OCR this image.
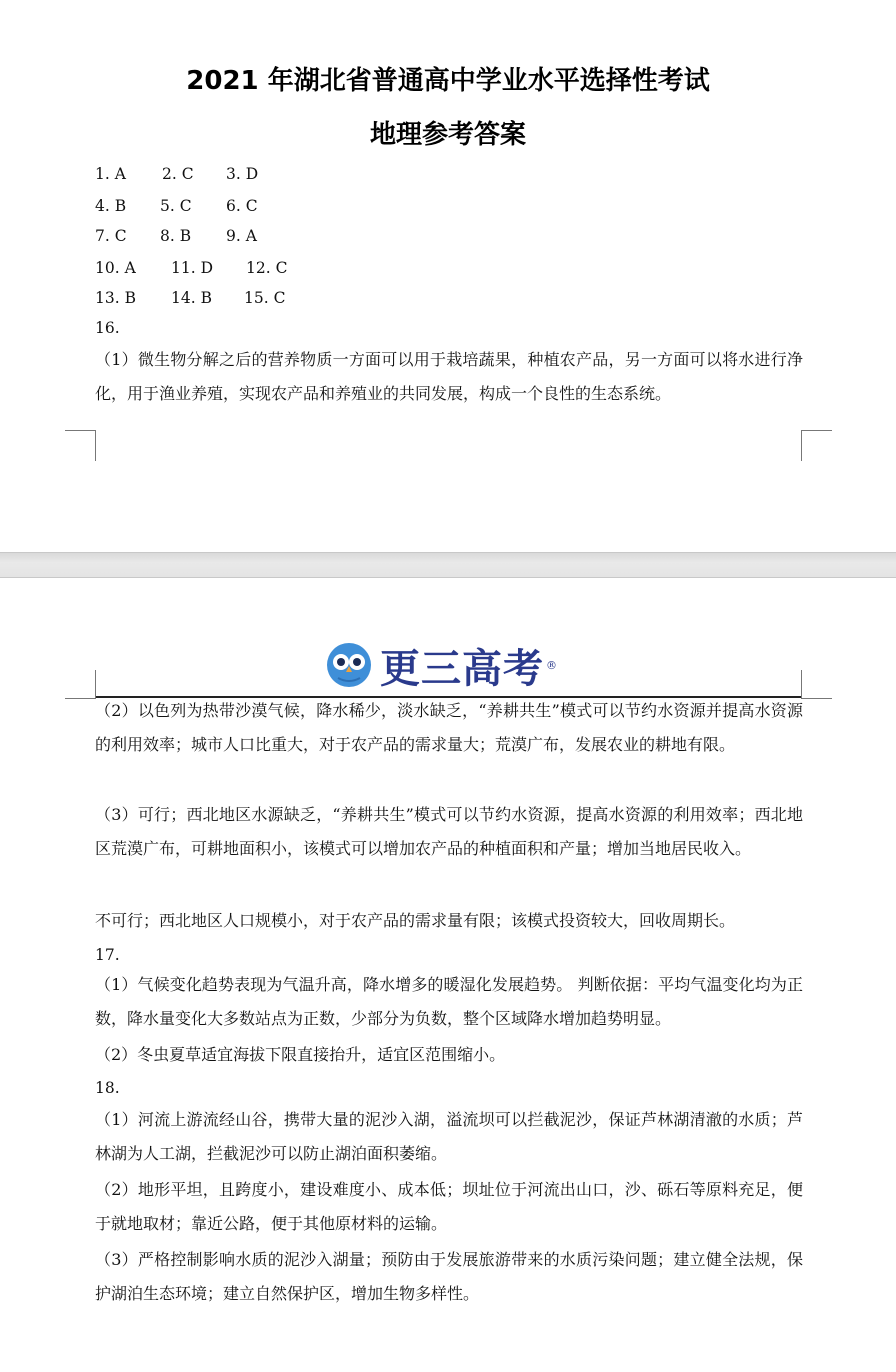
2021 年湖北省普通高中学业水平选择性考试
地理参考答案
1. A 2. C 3. D
4. B 5. C 6. C
7. C 8. B 9. A
10. A 11. D 12. C
13. B 14. B 15. C
16.
（1）微生物分解之后的营养物质一方面可以用于栽培蔬果，种植农产品，另一方面可以将水进行净化，用于渔业养殖，实现农产品和养殖业的共同发展，构成一个良性的生态系统。
更三高考 ®
（2）以色列为热带沙漠气候，降水稀少，淡水缺乏，“养耕共生”模式可以节约水资源并提高水资源的利用效率；城市人口比重大，对于农产品的需求量大；荒漠广布，发展农业的耕地有限。
（3）可行；西北地区水源缺乏，“养耕共生”模式可以节约水资源，提高水资源的利用效率；西北地区荒漠广布，可耕地面积小，该模式可以增加农产品的种植面积和产量；增加当地居民收入。
不可行；西北地区人口规模小，对于农产品的需求量有限；该模式投资较大，回收周期长。
17.
（1）气候变化趋势表现为气温升高，降水增多的暖湿化发展趋势。 判断依据：平均气温变化均为正数，降水量变化大多数站点为正数，少部分为负数，整个区域降水增加趋势明显。
（2）冬虫夏草适宜海拔下限直接抬升，适宜区范围缩小。
18.
（1）河流上游流经山谷，携带大量的泥沙入湖，溢流坝可以拦截泥沙，保证芦林湖清澈的水质；芦林湖为人工湖，拦截泥沙可以防止湖泊面积萎缩。
（2）地形平坦，且跨度小，建设难度小、成本低；坝址位于河流出山口，沙、砾石等原料充足，便于就地取材；靠近公路，便于其他原材料的运输。
（3）严格控制影响水质的泥沙入湖量；预防由于发展旅游带来的水质污染问题；建立健全法规，保护湖泊生态环境；建立自然保护区，增加生物多样性。
